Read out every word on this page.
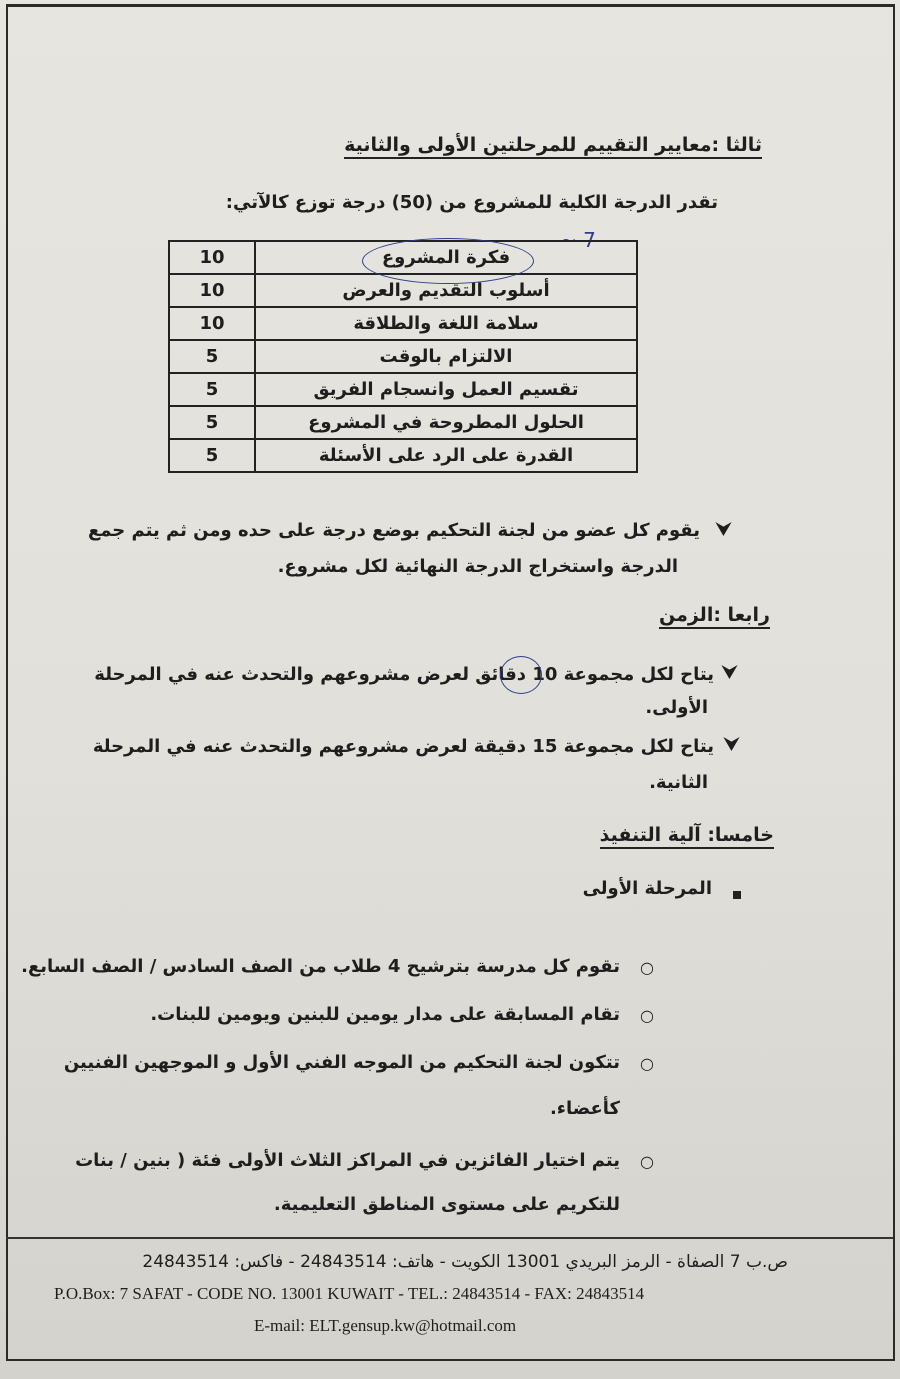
ثالثا :معايير التقييم للمرحلتين الأولى والثانية
تقدر الدرجة الكلية للمشروع من (50) درجة توزع كالآتي:
~ 7
10	فكرة المشروع
10	أسلوب التقديم والعرض
10	سلامة اللغة والطلاقة
5	الالتزام بالوقت
5	تقسيم العمل وانسجام الفريق
5	الحلول المطروحة في المشروع
5	القدرة على الرد على الأسئلة
⮟
يقوم كل عضو من لجنة التحكيم بوضع درجة على حده ومن ثم يتم جمع
الدرجة واستخراج الدرجة النهائية لكل مشروع.
رابعا :الزمن
⮟
يتاح لكل مجموعة 10 دقائق لعرض مشروعهم والتحدث عنه في المرحلة
الأولى.
⮟
يتاح لكل مجموعة 15 دقيقة لعرض مشروعهم والتحدث عنه في المرحلة
الثانية.
خامسا: آلية التنفيذ
المرحلة الأولى
○
تقوم كل مدرسة بترشيح 4 طلاب من الصف السادس / الصف السابع.
○
تقام المسابقة على مدار يومين للبنين ويومين للبنات.
○
تتكون لجنة التحكيم من الموجه الفني الأول و الموجهين الفنيين
كأعضاء.
○
يتم اختيار الفائزين في المراكز الثلاث الأولى فئة ( بنين / بنات
للتكريم على مستوى المناطق التعليمية.
ص.ب 7 الصفاة - الرمز البريدي 13001 الكويت - هاتف: 24843514 - فاكس: 24843514
P.O.Box: 7 SAFAT - CODE NO. 13001 KUWAIT - TEL.: 24843514 - FAX: 24843514
E-mail: ELT.gensup.kw@hotmail.com
